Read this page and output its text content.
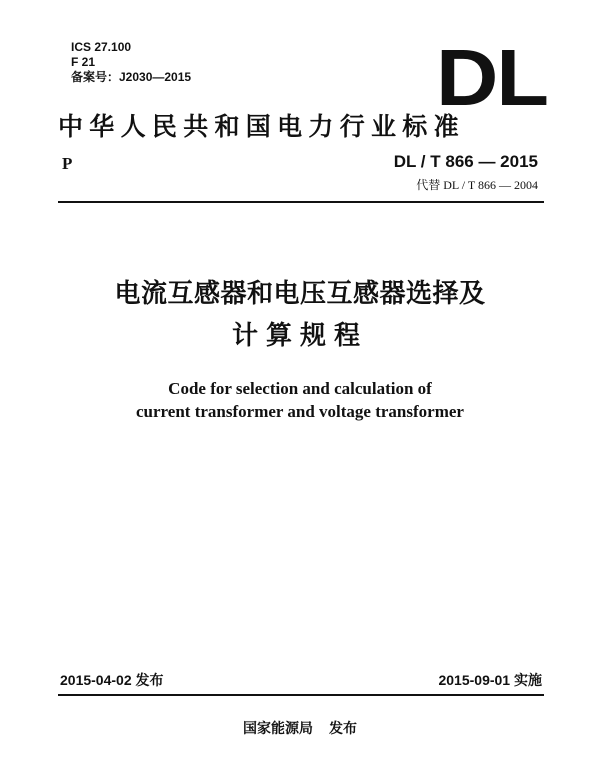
ICS 27.100
F 21
备案号：J2030—2015	DL
中华人民共和国电力行业标准
P	DL / T 866 — 2015
代替 DL / T 866 — 2004
电流互感器和电压互感器选择及
计算规程
Code for selection and calculation of
current transformer and voltage transformer
2015-04-02 发布	2015-09-01 实施
国家能源局 发布
